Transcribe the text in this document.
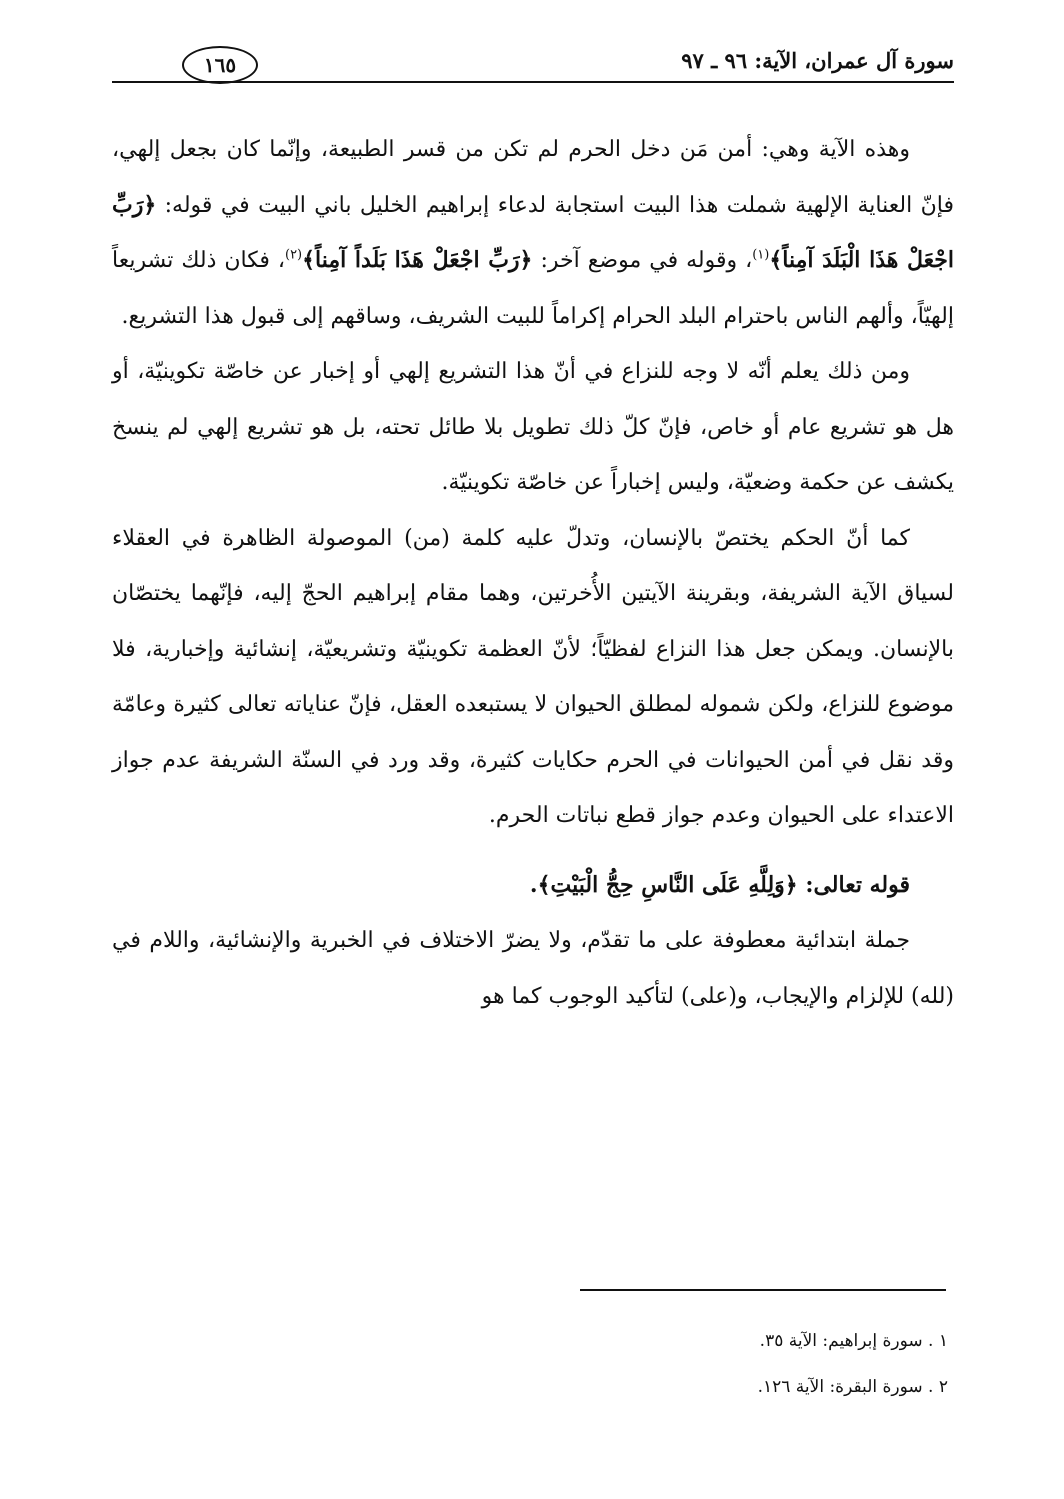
سورة آل عمران، الآية: ٩٦ ـ ٩٧
١٦٥

وهذه الآية وهي: أمن مَن دخل الحرم لم تكن من قسر الطبيعة، وإنّما كان بجعل إلهي، فإنّ العناية الإلهية شملت هذا البيت استجابة لدعاء إبراهيم الخليل باني البيت في قوله: ﴿رَبِّ اجْعَلْ هَذَا الْبَلَدَ آمِناً﴾$^{(١)}$، وقوله في موضع آخر: ﴿رَبِّ اجْعَلْ هَذَا بَلَداً آمِناً﴾$^{(٢)}$، فكان ذلك تشريعاً إلهيّاً، وألهم الناس باحترام البلد الحرام إكراماً للبيت الشريف، وساقهم إلى قبول هذا التشريع.

ومن ذلك يعلم أنّه لا وجه للنزاع في أنّ هذا التشريع إلهي أو إخبار عن خاصّة تكوينيّة، أو هل هو تشريع عام أو خاص، فإنّ كلّ ذلك تطويل بلا طائل تحته، بل هو تشريع إلهي لم ينسخ يكشف عن حكمة وضعيّة، وليس إخباراً عن خاصّة تكوينيّة.

كما أنّ الحكم يختصّ بالإنسان، وتدلّ عليه كلمة (من) الموصولة الظاهرة في العقلاء لسياق الآية الشريفة، وبقرينة الآيتين الأُخرتين، وهما مقام إبراهيم الحجّ إليه، فإنّهما يختصّان بالإنسان. ويمكن جعل هذا النزاع لفظيّاً؛ لأنّ العظمة تكوينيّة وتشريعيّة، إنشائية وإخبارية، فلا موضوع للنزاع، ولكن شموله لمطلق الحيوان لا يستبعده العقل، فإنّ عناياته تعالى كثيرة وعامّة وقد نقل في أمن الحيوانات في الحرم حكايات كثيرة، وقد ورد في السنّة الشريفة عدم جواز الاعتداء على الحيوان وعدم جواز قطع نباتات الحرم.

قوله تعالى: ﴿وَلِلَّهِ عَلَى النَّاسِ حِجُّ الْبَيْتِ﴾.

جملة ابتدائية معطوفة على ما تقدّم، ولا يضرّ الاختلاف في الخبرية والإنشائية، واللام في (لله) للإلزام والإيجاب، و(على) لتأكيد الوجوب كما هو

١ . سورة إبراهيم: الآية ٣٥.
٢ . سورة البقرة: الآية ١٢٦.
